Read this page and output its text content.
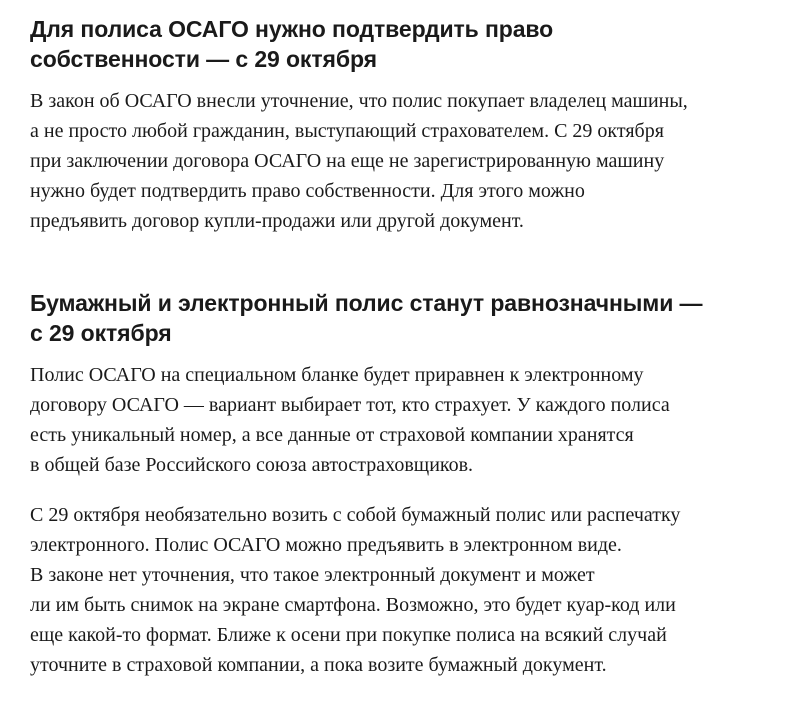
Для полиса ОСАГО нужно подтвердить право
собственности — с 29 октября

В закон об ОСАГО внесли уточнение, что полис покупает владелец машины,
а не просто любой гражданин, выступающий страхователем. С 29 октября
при заключении договора ОСАГО на еще не зарегистрированную машину
нужно будет подтвердить право собственности. Для этого можно
предъявить договор купли-продажи или другой документ.

Бумажный и электронный полис станут равнозначными —
с 29 октября

Полис ОСАГО на специальном бланке будет приравнен к электронному
договору ОСАГО — вариант выбирает тот, кто страхует. У каждого полиса
есть уникальный номер, а все данные от страховой компании хранятся
в общей базе Российского союза автостраховщиков.

С 29 октября необязательно возить с собой бумажный полис или распечатку
электронного. Полис ОСАГО можно предъявить в электронном виде.
В законе нет уточнения, что такое электронный документ и может
ли им быть снимок на экране смартфона. Возможно, это будет куар-код или
еще какой-то формат. Ближе к осени при покупке полиса на всякий случай
уточните в страховой компании, а пока возите бумажный документ.
